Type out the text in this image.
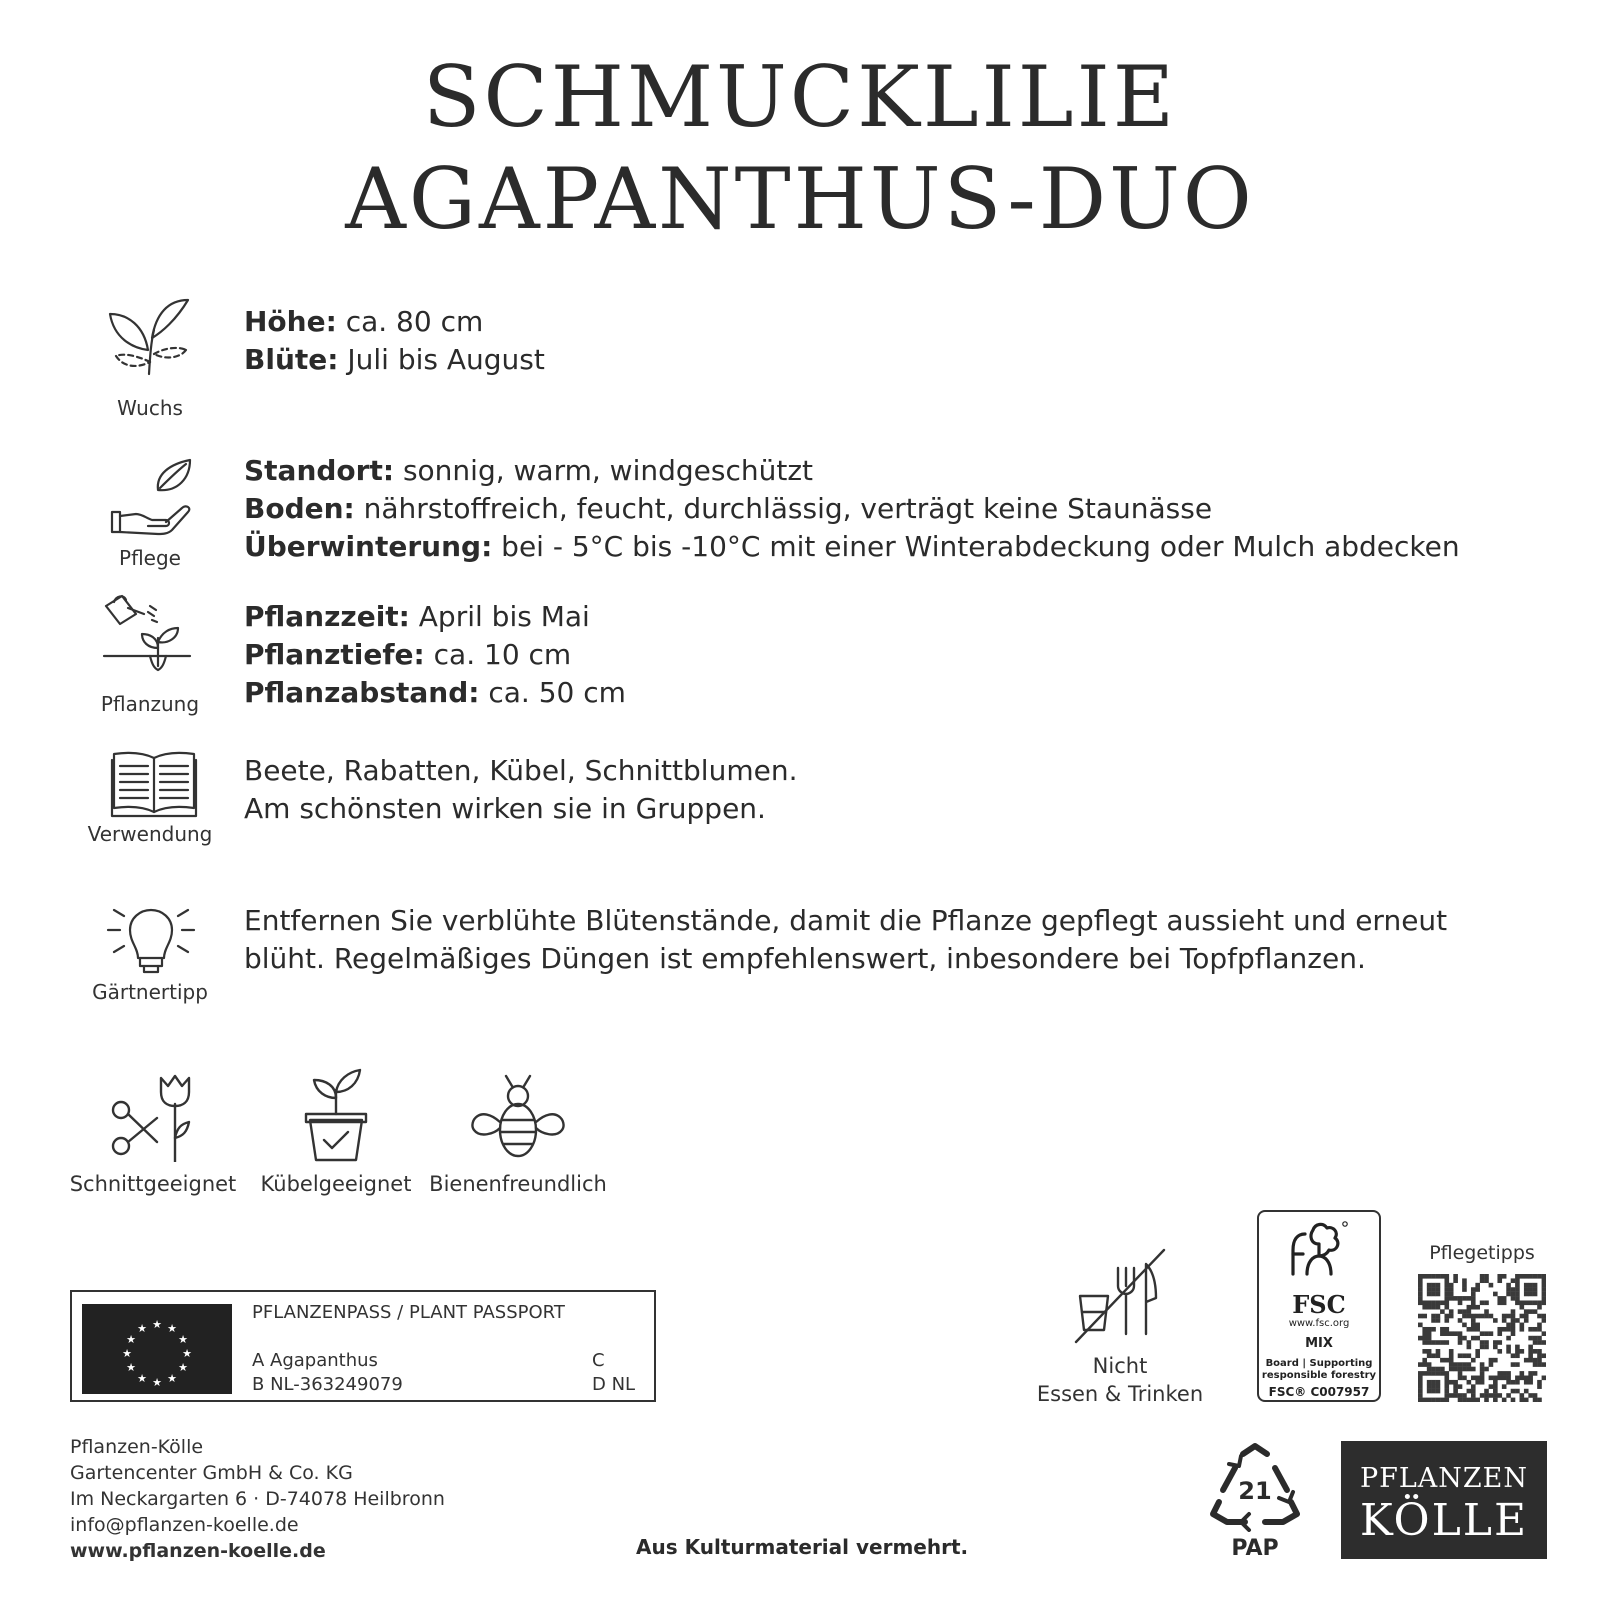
SCHMUCKLILIE
AGAPANTHUS-DUO
Wuchs
Höhe: ca. 80 cm
Blüte: Juli bis August
Pflege
Standort: sonnig, warm, windgeschützt
Boden: nährstoffreich, feucht, durchlässig, verträgt keine Staunässe
Überwinterung: bei - 5°C bis -10°C mit einer Winterabdeckung oder Mulch abdecken
Pflanzung
Pflanzzeit: April bis Mai
Pflanztiefe: ca. 10 cm
Pflanzabstand: ca. 50 cm
Verwendung
Beete, Rabatten, Kübel, Schnittblumen.
Am schönsten wirken sie in Gruppen.
Gärtnertipp
Entfernen Sie verblühte Blütenstände, damit die Pflanze gepflegt aussieht und erneut
blüht. Regelmäßiges Düngen ist empfehlenswert, inbesondere bei Topfpflanzen.
Schnittgeeignet	Kübelgeeignet Bienenfreundlich
★ ★
★
★
★
★
★
★
★
★
★
★
PFLANZENPASS / PLANT PASSPORT
A Agapanthus
B NL-363249079
C
D NL
Nicht
Essen & Trinken
FSC
www.fsc.org
MIX
Board | Supporting
responsible forestry
FSC® C007957
Pflegetipps
Pflanzen-Kölle
Gartencenter GmbH & Co. KG
Im Neckargarten 6 · D-74078 Heilbronn
info@pflanzen-koelle.de
www.pflanzen-koelle.de	Aus Kulturmaterial vermehrt.
21
PAP
PFLANZEN
KÖLLE
